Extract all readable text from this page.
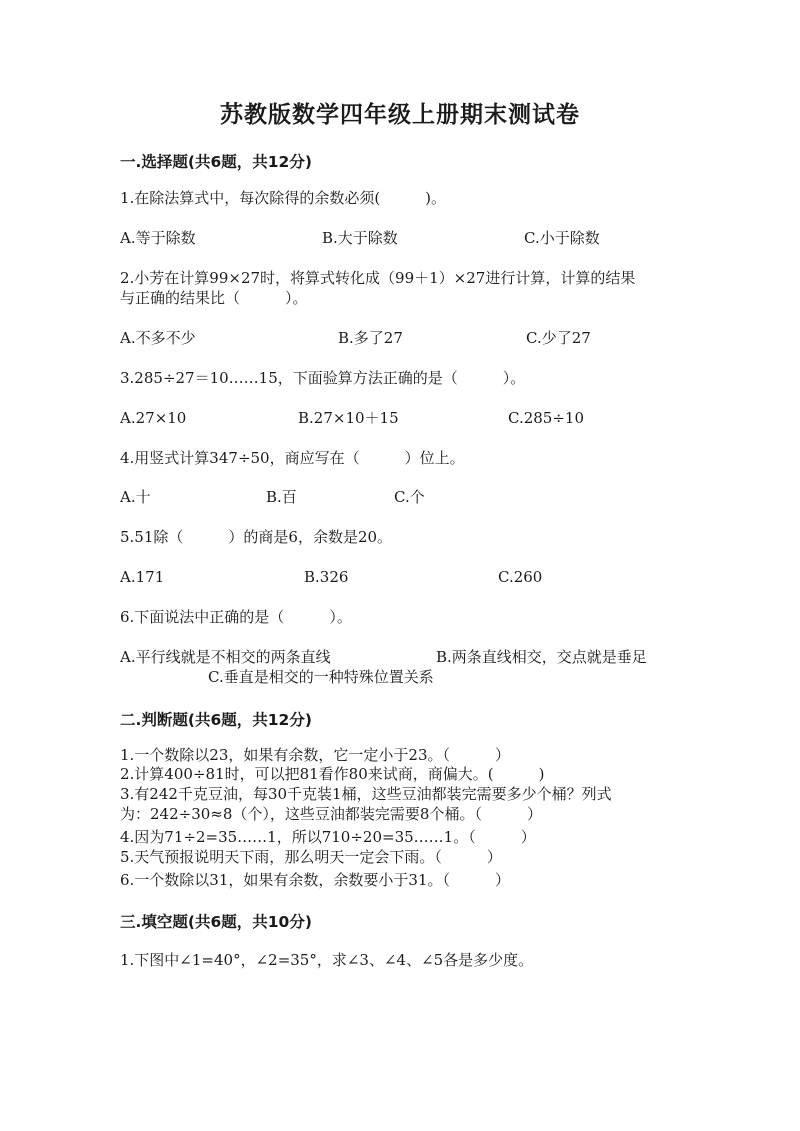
苏教版数学四年级上册期末测试卷
一.选择题(共6题，共12分)
1.在除法算式中，每次除得的余数必须(　　　)。
A.等于除数	B.大于除数	C.小于除数
2.小芳在计算99×27时，将算式转化成（99＋1）×27进行计算，计算的结果
与正确的结果比（　　　）。
A.不多不少	B.多了27	C.少了27
3.285÷27＝10……15，下面验算方法正确的是（　　　）。
A.27×10	B.27×10＋15	C.285÷10
4.用竖式计算347÷50，商应写在（　　　）位上。
A.十	B.百	C.个
5.51除（　　　）的商是6，余数是20。
A.171	B.326	C.260
6.下面说法中正确的是（　　　）。
A.平行线就是不相交的两条直线	B.两条直线相交，交点就是垂足
C.垂直是相交的一种特殊位置关系
二.判断题(共6题，共12分)
1.一个数除以23，如果有余数，它一定小于23。（　　　）
2.计算400÷81时，可以把81看作80来试商，商偏大。(　　　)
3.有242千克豆油，每30千克装1桶，这些豆油都装完需要多少个桶？列式
为：242÷30≈8（个），这些豆油都装完需要8个桶。（　　　）
4.因为71÷2=35……1，所以710÷20=35……1。（　　　）
5.天气预报说明天下雨，那么明天一定会下雨。（　　　）
6.一个数除以31，如果有余数，余数要小于31。（　　　）
三.填空题(共6题，共10分)
1.下图中∠1=40°，∠2=35°，求∠3、∠4、∠5各是多少度。
